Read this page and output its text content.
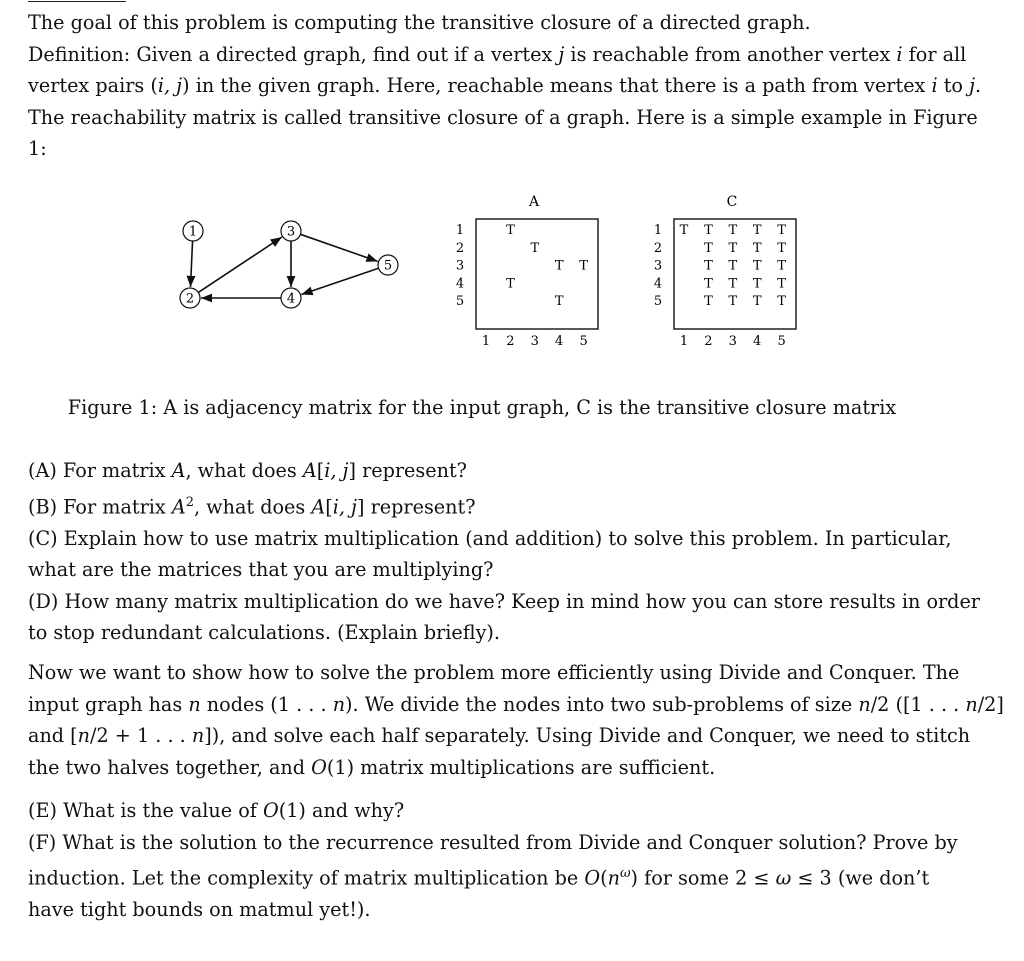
The goal of this problem is computing the transitive closure of a directed graph.
Definition: Given a directed graph, find out if a vertex j is reachable from another vertex i for all
vertex pairs (i, j) in the given graph. Here, reachable means that there is a path from vertex i to j.
The reachability matrix is called transitive closure of a graph. Here is a simple example in Figure
1:
1
2
3
4
5
A
1
2
3
4
5
1 2 3 4 5
T
T
T T
T
T
C
1
2
3
4
5
1 2 3 4 5
T T T T T
T T T T
T T T T
T T T T
T T T T
Figure 1: A is adjacency matrix for the input graph, C is the transitive closure matrix
(A) For matrix A, what does A[i, j] represent?
(B) For matrix $A^2$, what does A[i, j] represent?
(C) Explain how to use matrix multiplication (and addition) to solve this problem. In particular,
what are the matrices that you are multiplying?
(D) How many matrix multiplication do we have? Keep in mind how you can store results in order
to stop redundant calculations. (Explain briefly).
Now we want to show how to solve the problem more efficiently using Divide and Conquer. The
input graph has n nodes (1 . . . n). We divide the nodes into two sub-problems of size n/2 ([1 . . . n/2]
and [n/2 + 1 . . . n]), and solve each half separately. Using Divide and Conquer, we need to stitch
the two halves together, and O(1) matrix multiplications are sufficient.
(E) What is the value of O(1) and why?
(F) What is the solution to the recurrence resulted from Divide and Conquer solution? Prove by
induction. Let the complexity of matrix multiplication be $O(n^\omega)$ for some 2 ≤ ω ≤ 3 (we don’t
have tight bounds on matmul yet!).
